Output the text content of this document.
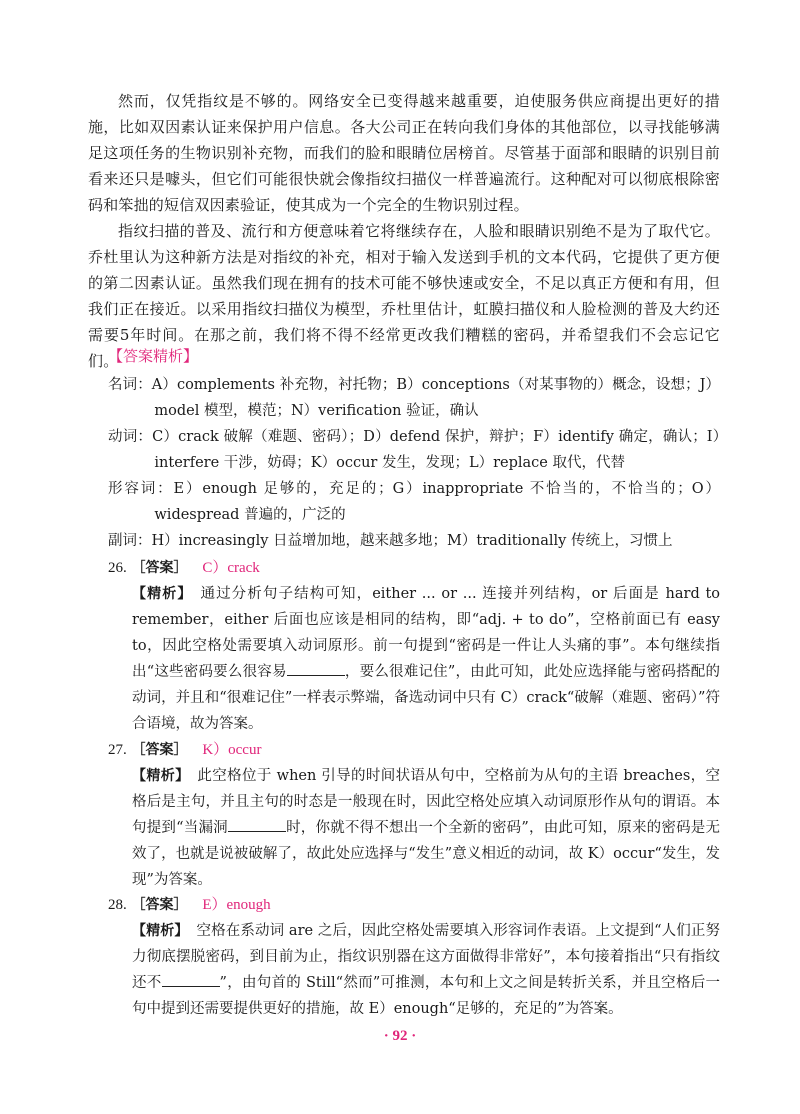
然而，仅凭指纹是不够的。网络安全已变得越来越重要，迫使服务供应商提出更好的措施，比如双因素认证来保护用户信息。各大公司正在转向我们身体的其他部位，以寻找能够满足这项任务的生物识别补充物，而我们的脸和眼睛位居榜首。尽管基于面部和眼睛的识别目前看来还只是噱头，但它们可能很快就会像指纹扫描仪一样普遍流行。这种配对可以彻底根除密码和笨拙的短信双因素验证，使其成为一个完全的生物识别过程。

指纹扫描的普及、流行和方便意味着它将继续存在，人脸和眼睛识别绝不是为了取代它。乔杜里认为这种新方法是对指纹的补充，相对于输入发送到手机的文本代码，它提供了更方便的第二因素认证。虽然我们现在拥有的技术可能不够快速或安全，不足以真正方便和有用，但我们正在接近。以采用指纹扫描仪为模型，乔杜里估计，虹膜扫描仪和人脸检测的普及大约还需要5年时间。在那之前，我们将不得不经常更改我们糟糕的密码，并希望我们不会忘记它们。

【答案精析】
名词：A）complements 补充物，衬托物；B）conceptions（对某事物的）概念，设想；J）model 模型，模范；N）verification 验证，确认
动词：C）crack 破解（难题、密码）；D）defend 保护，辩护；F）identify 确定，确认；I）interfere 干涉，妨碍；K）occur 发生，发现；L）replace 取代，代替
形容词：E）enough 足够的，充足的；G）inappropriate 不恰当的，不恰当的；O）widespread 普遍的，广泛的
副词：H）increasingly 日益增加地，越来越多地；M）traditionally 传统上，习惯上
26. ［答案］ C）crack

【精析】 通过分析句子结构可知，either ... or ... 连接并列结构，or 后面是 hard to remember，either 后面也应该是相同的结构，即“adj. + to do”，空格前面已有 easy to，因此空格处需要填入动词原形。前一句提到“密码是一件让人头痛的事”。本句继续指出“这些密码要么很容易	，要么很难记住”，由此可知，此处应选择能与密码搭配的动词，并且和“很难记住”一样表示弊端，备选动词中只有 C）crack“破解（难题、密码）”符合语境，故为答案。

27. ［答案］ K）occur

【精析】 此空格位于 when 引导的时间状语从句中，空格前为从句的主语 breaches，空格后是主句，并且主句的时态是一般现在时，因此空格处应填入动词原形作从句的谓语。本句提到“当漏洞	时，你就不得不想出一个全新的密码”，由此可知，原来的密码是无效了，也就是说被破解了，故此处应选择与“发生”意义相近的动词，故 K）occur“发生，发现”为答案。

28. ［答案］ E）enough

【精析】 空格在系动词 are 之后，因此空格处需要填入形容词作表语。上文提到“人们正努力彻底摆脱密码，到目前为止，指纹识别器在这方面做得非常好”，本句接着指出“只有指纹还不	”，由句首的 Still“然而”可推测，本句和上文之间是转折关系，并且空格后一句中提到还需要提供更好的措施，故 E）enough“足够的，充足的”为答案。

· 92 ·
